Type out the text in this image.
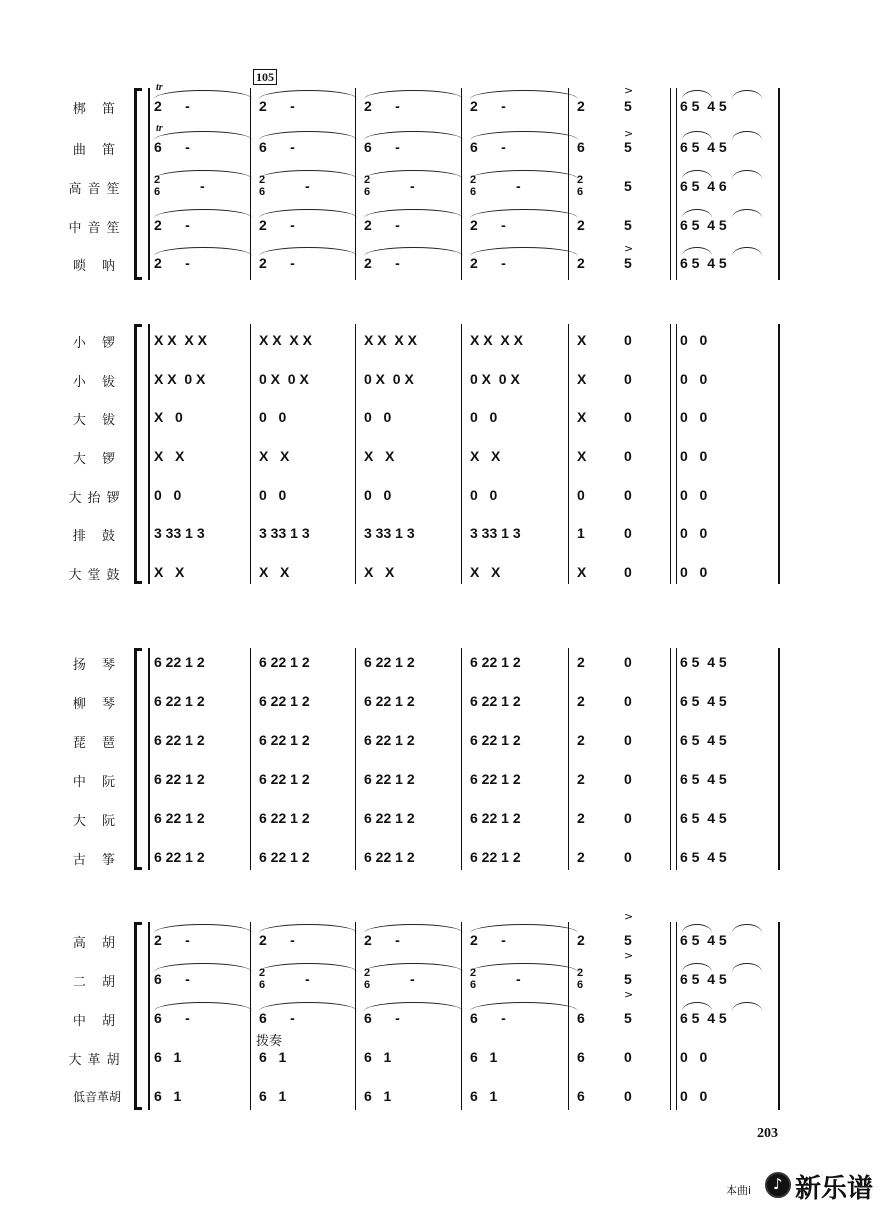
梆 笛	2      -	2      -	2      -	2      -	2	5	6 5  4 5
曲 笛	6      -	6      -	6      -	6      -	6	5	6 5  4 5
高音笙
2
6	-	2
6	-	2
6	-	2
6	-	2
6	5	6 5  4 6
中音笙	2      -	2      -	2      -	2      -	2	5	6 5  4 5
唢 呐	2      -	2      -	2      -	2      -	2	5	6 5  4 5
小 锣	X X  X X	X X  X X	X X  X X	X X  X X	X	0	0   0
小 钹	X X  0 X	0 X  0 X	0 X  0 X	0 X  0 X	X	0	0   0
大 钹	X   0	0   0	0   0	0   0	X	0	0   0
大 锣	X   X	X   X	X   X	X   X	X	0	0   0
大抬锣	0   0	0   0	0   0	0   0	0	0	0   0
排 鼓	3 33 1 3	3 33 1 3	3 33 1 3	3 33 1 3	1	0	0   0
大堂鼓	X   X	X   X	X   X	X   X	X	0	0   0
扬 琴	6 22 1 2	6 22 1 2	6 22 1 2	6 22 1 2	2	0	6 5  4 5
柳 琴	6 22 1 2	6 22 1 2	6 22 1 2	6 22 1 2	2	0	6 5  4 5
琵 琶	6 22 1 2	6 22 1 2	6 22 1 2	6 22 1 2	2	0	6 5  4 5
中 阮	6 22 1 2	6 22 1 2	6 22 1 2	6 22 1 2	2	0	6 5  4 5
大 阮	6 22 1 2	6 22 1 2	6 22 1 2	6 22 1 2	2	0	6 5  4 5
古 筝	6 22 1 2	6 22 1 2	6 22 1 2	6 22 1 2	2	0	6 5  4 5
高 胡	2      -	2      -	2      -	2      -	2	5	6 5  4 5
二 胡	6      -	2
6	-	2
6	-	2
6	-	2
6	5	6 5  4 5
中 胡	6      -	6      -	6      -	6      -	6	5	6 5  4 5
大革胡	6   1	6   1	6   1	6   1	6	0	0   0
低音革胡	6   1	6   1	6   1	6   1	6	0	0   0
tr
tr
>
>
>
>
>
>
拨奏
105
203
本曲i
♪ 新乐谱
